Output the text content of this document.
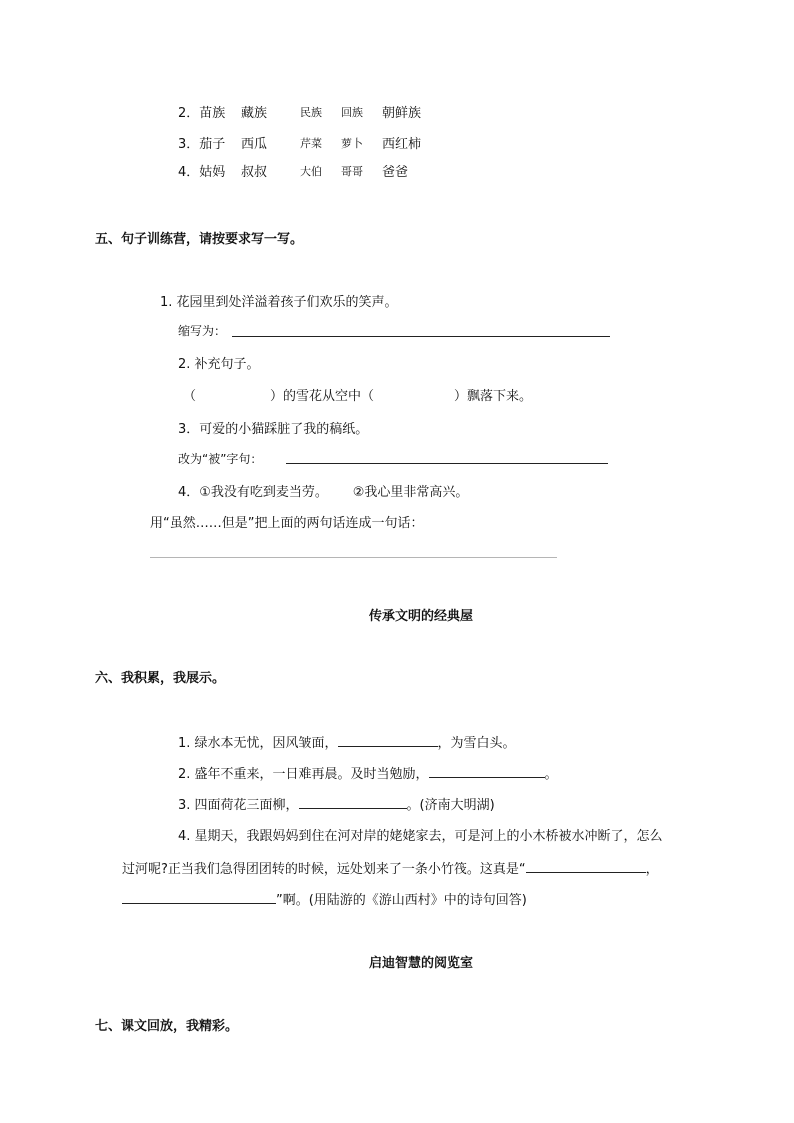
2．苗族 藏族	民族 回族 朝鲜族
3．茄子 西瓜	芹菜 萝卜 西红柿
4．姑妈 叔叔	大伯 哥哥 爸爸
五、句子训练营，请按要求写一写。
1. 花园里到处洋溢着孩子们欢乐的笑声。
缩写为：
2. 补充句子。
（	）的雪花从空中（	）飘落下来。
3．可爱的小猫踩脏了我的稿纸。
改为“被”字句：
4．①我没有吃到麦当劳。      ②我心里非常高兴。
用“虽然……但是”把上面的两句话连成一句话：
传承文明的经典屋
六、我积累，我展示。
1. 绿水本无忧，因风皱面，	，为雪白头。
2. 盛年不重来，一日难再晨。及时当勉励，	。
3. 四面荷花三面柳，	。(济南大明湖)
4. 星期天，我跟妈妈到住在河对岸的姥姥家去，可是河上的小木桥被水冲断了，怎么
过河呢?正当我们急得团团转的时候，远处划来了一条小竹筏。这真是“	，
”啊。(用陆游的《游山西村》中的诗句回答)
启迪智慧的阅览室
七、课文回放，我精彩。
